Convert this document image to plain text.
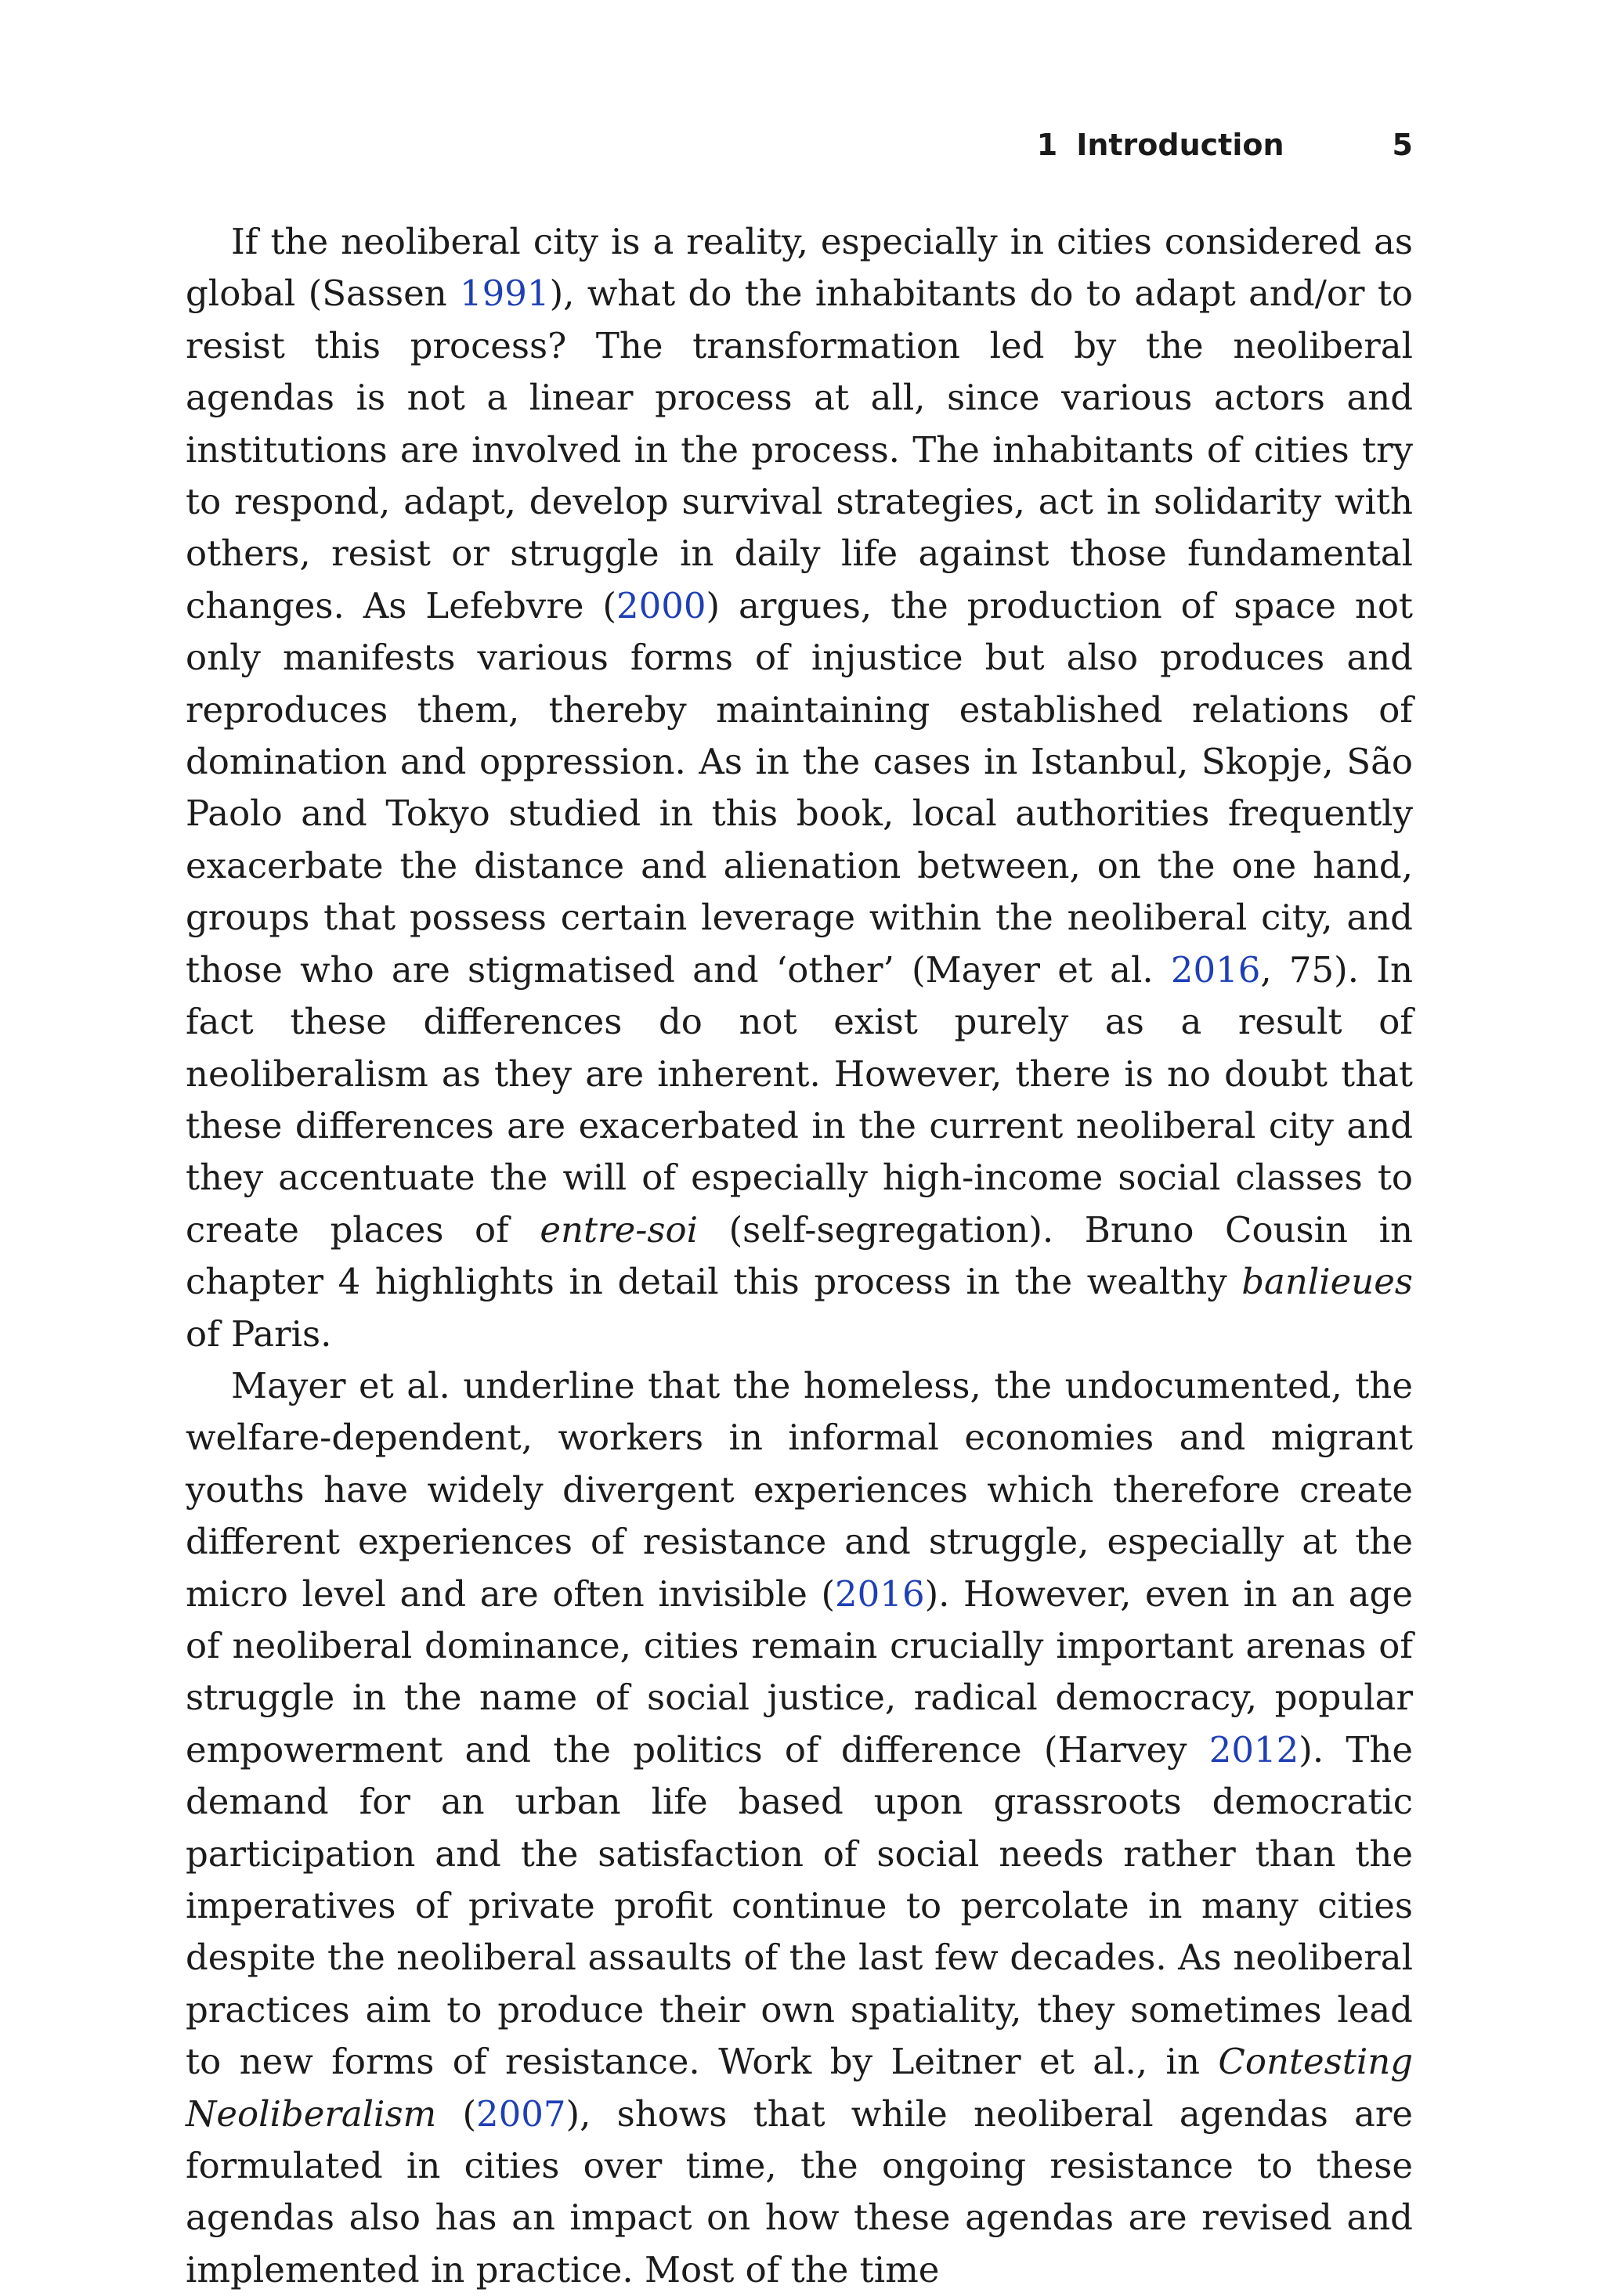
1 Introduction	5

If the neoliberal city is a reality, especially in cities considered as global (Sassen 1991), what do the inhabitants do to adapt and/or to resist this process? The transformation led by the neoliberal agendas is not a linear process at all, since various actors and institutions are involved in the process. The inhabitants of cities try to respond, adapt, develop survival strategies, act in solidarity with others, resist or struggle in daily life against those fundamental changes. As Lefebvre (2000) argues, the production of space not only manifests various forms of injustice but also produces and reproduces them, thereby maintaining established relations of domination and oppression. As in the cases in Istanbul, Skopje, São Paolo and Tokyo studied in this book, local authorities frequently exacerbate the distance and alienation between, on the one hand, groups that possess certain leverage within the neoliberal city, and those who are stigmatised and ‘other’ (Mayer et al. 2016, 75). In fact these differences do not exist purely as a result of neoliberalism as they are inherent. However, there is no doubt that these differences are exacerbated in the current neoliberal city and they accentuate the will of especially high-income social classes to create places of entre-soi (self-segregation). Bruno Cousin in chapter 4 highlights in detail this process in the wealthy banlieues of Paris.

Mayer et al. underline that the homeless, the undocumented, the welfare-dependent, workers in informal economies and migrant youths have widely divergent experiences which therefore create different experiences of resistance and struggle, especially at the micro level and are often invisible (2016). However, even in an age of neoliberal dominance, cities remain crucially important arenas of struggle in the name of social justice, radical democracy, popular empowerment and the politics of difference (Harvey 2012). The demand for an urban life based upon grassroots democratic participation and the satisfaction of social needs rather than the imperatives of private profit continue to percolate in many cities despite the neoliberal assaults of the last few decades. As neoliberal practices aim to produce their own spatiality, they sometimes lead to new forms of resistance. Work by Leitner et al., in Contesting Neoliberalism (2007), shows that while neoliberal agendas are formulated in cities over time, the ongoing resistance to these agendas also has an impact on how these agendas are revised and implemented in practice. Most of the time
